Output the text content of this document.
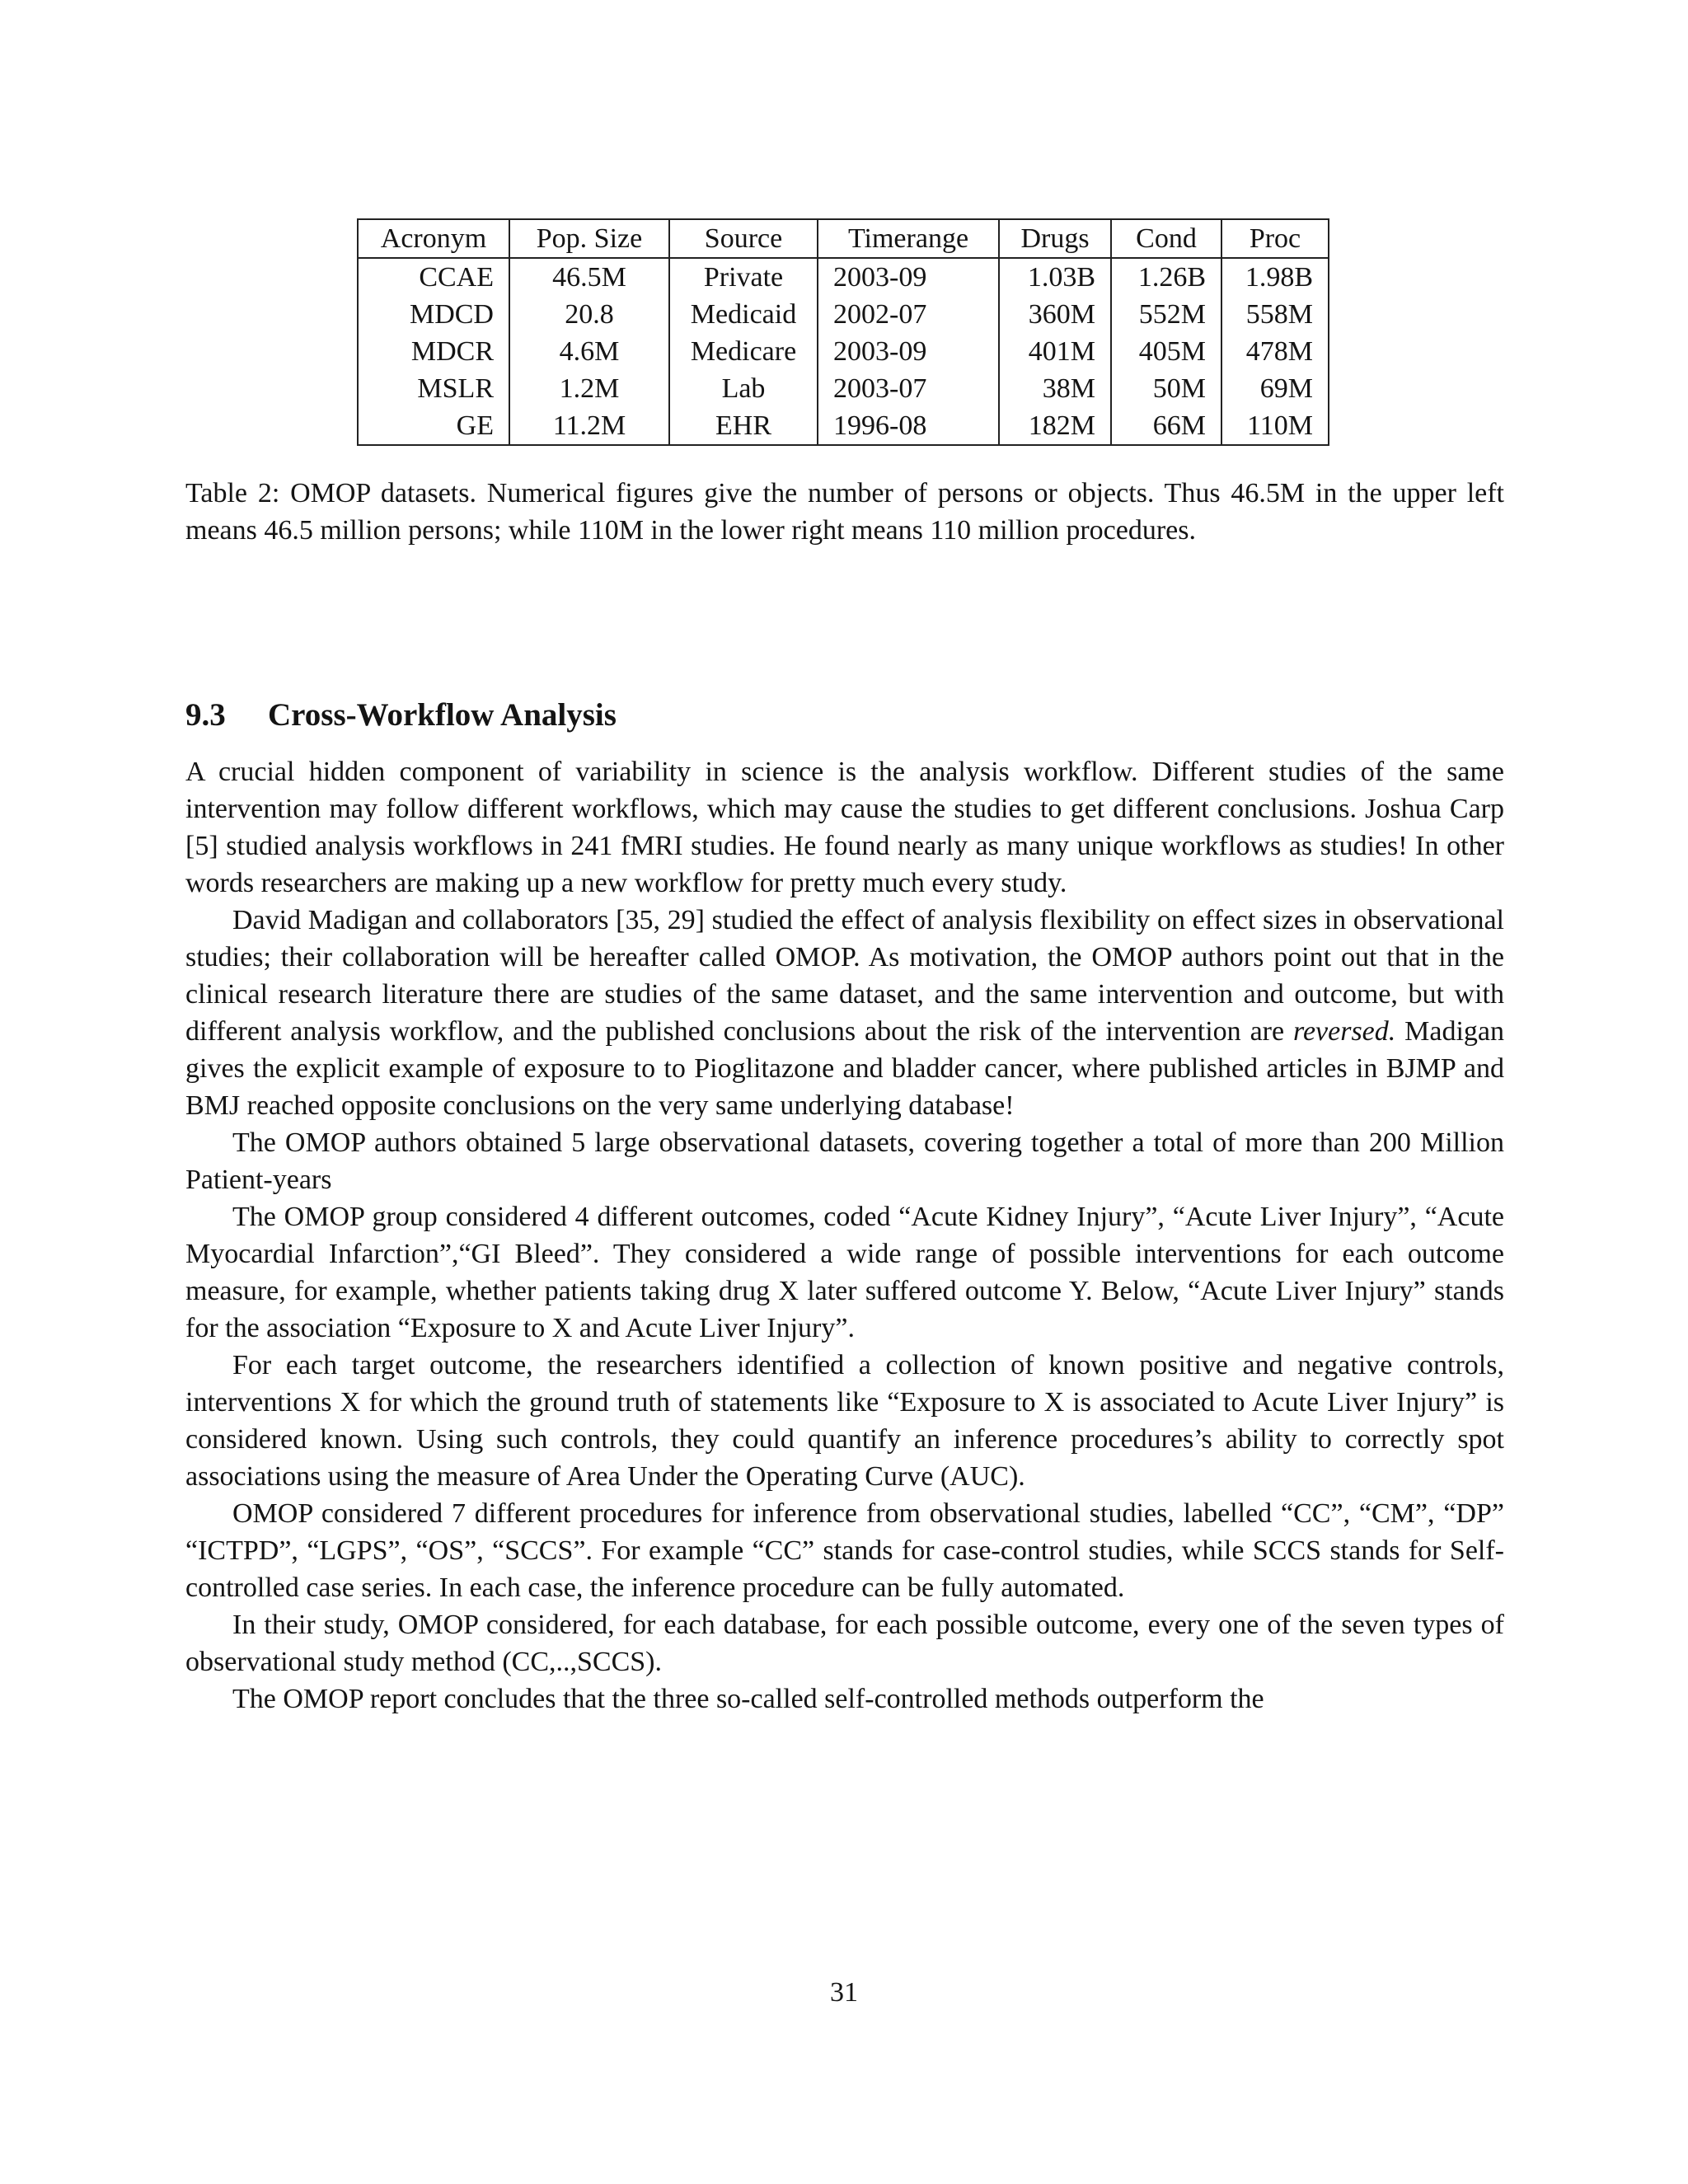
Acronym	Pop. Size	Source	Timerange	Drugs	Cond	Proc
CCAE	46.5M	Private	2003-09	1.03B	1.26B	1.98B
MDCD	20.8	Medicaid	2002-07	360M	552M	558M
MDCR	4.6M	Medicare	2003-09	401M	405M	478M
MSLR	1.2M	Lab	2003-07	38M	50M	69M
GE	11.2M	EHR	1996-08	182M	66M	110M

Table 2: OMOP datasets. Numerical figures give the number of persons or objects. Thus 46.5M in the upper left means 46.5 million persons; while 110M in the lower right means 110 million procedures.

9.3 Cross-Workflow Analysis

A crucial hidden component of variability in science is the analysis workflow. Different studies of the same intervention may follow different workflows, which may cause the studies to get different conclusions. Joshua Carp [5] studied analysis workflows in 241 fMRI studies. He found nearly as many unique workflows as studies! In other words researchers are making up a new workflow for pretty much every study.

David Madigan and collaborators [35, 29] studied the effect of analysis flexibility on effect sizes in observational studies; their collaboration will be hereafter called OMOP. As motivation, the OMOP authors point out that in the clinical research literature there are studies of the same dataset, and the same intervention and outcome, but with different analysis workflow, and the published conclusions about the risk of the intervention are reversed. Madigan gives the explicit example of exposure to to Pioglitazone and bladder cancer, where published articles in BJMP and BMJ reached opposite conclusions on the very same underlying database!

The OMOP authors obtained 5 large observational datasets, covering together a total of more than 200 Million Patient-years

The OMOP group considered 4 different outcomes, coded “Acute Kidney Injury”, “Acute Liver Injury”, “Acute Myocardial Infarction”,“GI Bleed”. They considered a wide range of possible interventions for each outcome measure, for example, whether patients taking drug X later suffered outcome Y. Below, “Acute Liver Injury” stands for the association “Exposure to X and Acute Liver Injury”.

For each target outcome, the researchers identified a collection of known positive and negative controls, interventions X for which the ground truth of statements like “Exposure to X is associated to Acute Liver Injury” is considered known. Using such controls, they could quantify an inference procedures’s ability to correctly spot associations using the measure of Area Under the Operating Curve (AUC).

OMOP considered 7 different procedures for inference from observational studies, labelled “CC”, “CM”, “DP” “ICTPD”, “LGPS”, “OS”, “SCCS”. For example “CC” stands for case-control studies, while SCCS stands for Self-controlled case series. In each case, the inference procedure can be fully automated.

In their study, OMOP considered, for each database, for each possible outcome, every one of the seven types of observational study method (CC,..,SCCS).

The OMOP report concludes that the three so-called self-controlled methods outperform the

31
